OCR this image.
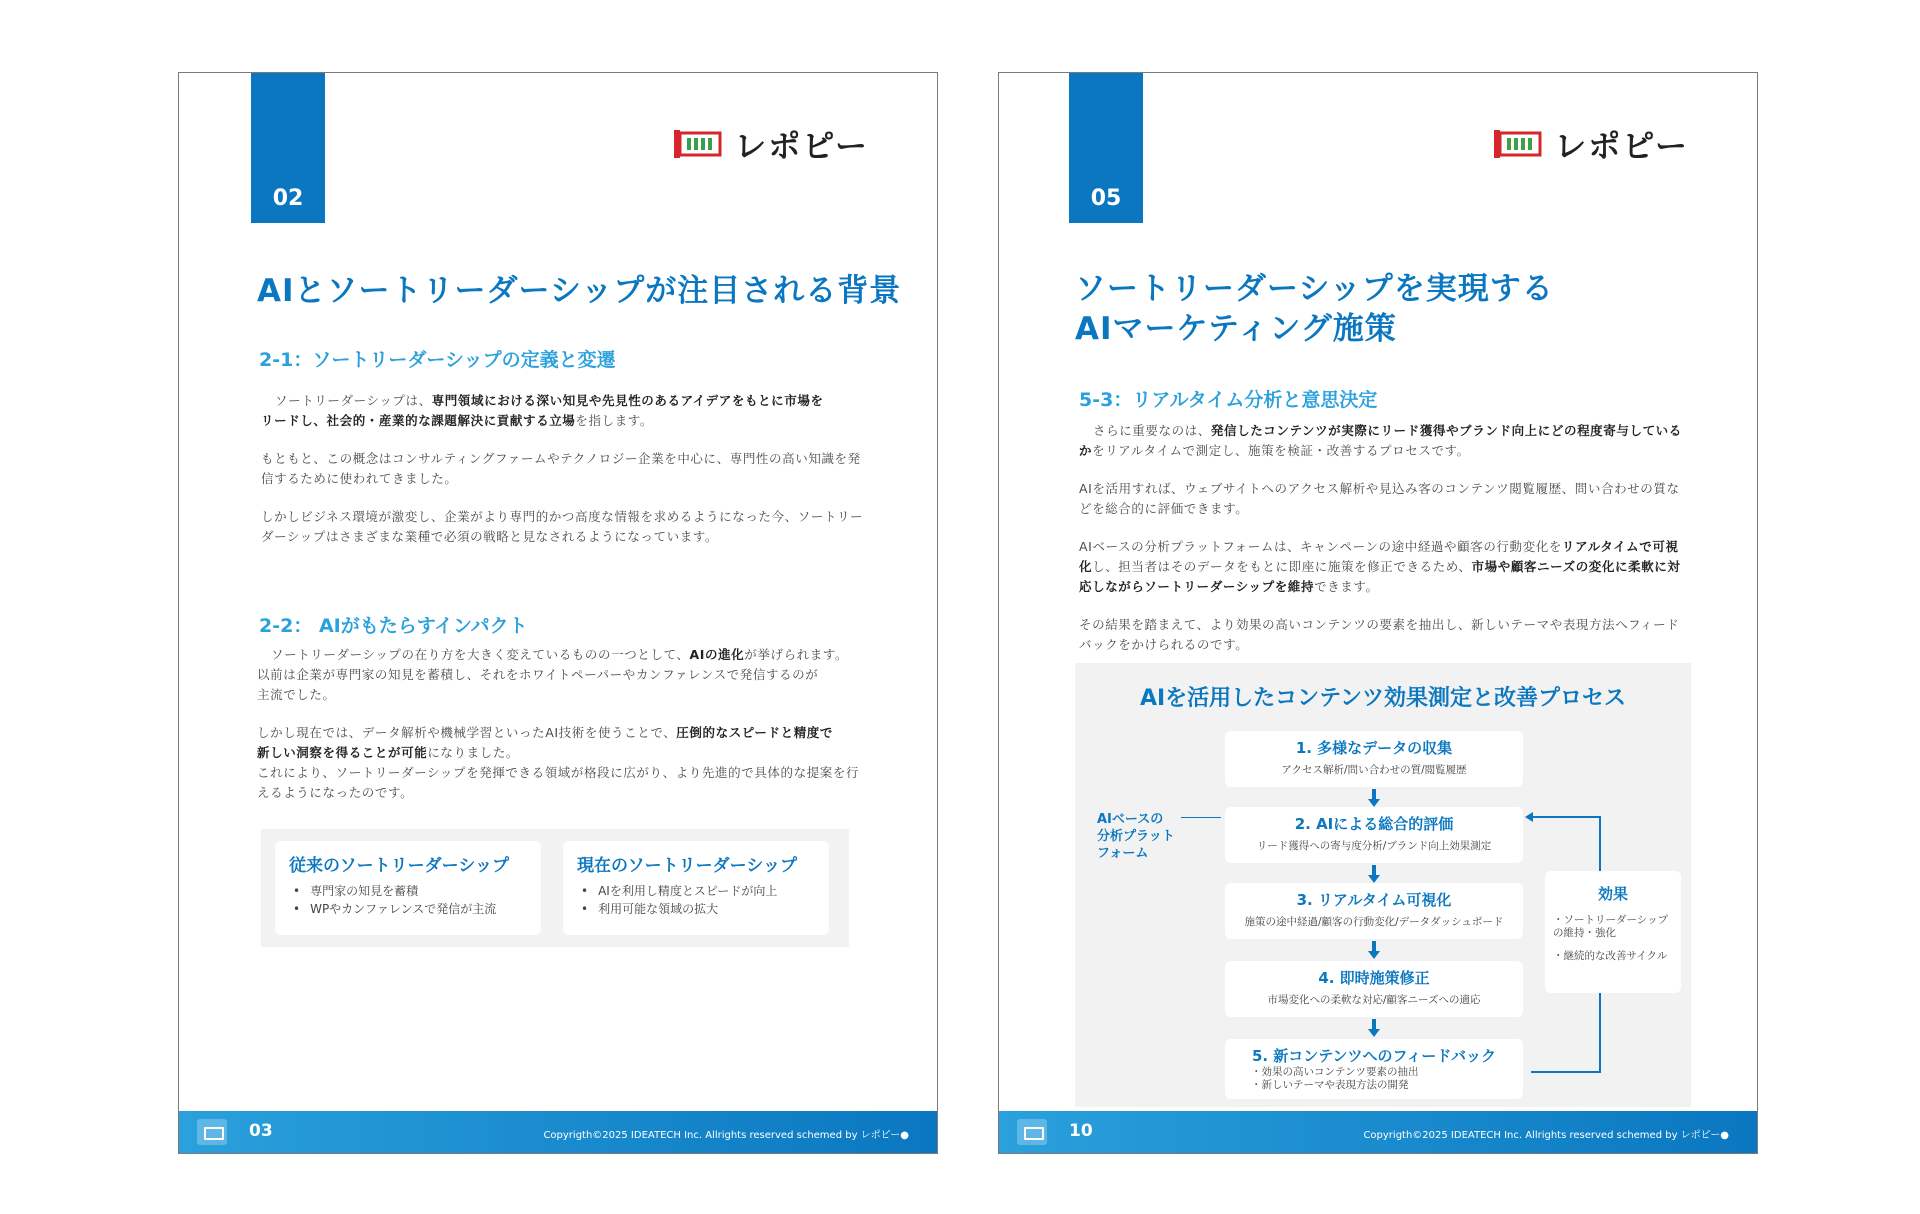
02
レポピー
AIとソートリーダーシップが注目される背景
2-1：ソートリーダーシップの定義と変遷
ソートリーダーシップは、専門領域における深い知見や先見性のあるアイデアをもとに市場を
リードし、社会的・産業的な課題解決に貢献する立場を指します。
もともと、この概念はコンサルティングファームやテクノロジー企業を中心に、専門性の高い知識を発
信するために使われてきました。
しかしビジネス環境が激変し、企業がより専門的かつ高度な情報を求めるようになった今、ソートリー
ダーシップはさまざまな業種で必須の戦略と見なされるようになっています。
2-2： AIがもたらすインパクト
ソートリーダーシップの在り方を大きく変えているものの一つとして、AIの進化が挙げられます。
以前は企業が専門家の知見を蓄積し、それをホワイトペーパーやカンファレンスで発信するのが
主流でした。
しかし現在では、データ解析や機械学習といったAI技術を使うことで、圧倒的なスピードと精度で
新しい洞察を得ることが可能になりました。
これにより、ソートリーダーシップを発揮できる領域が格段に広がり、より先進的で具体的な提案を行
えるようになったのです。
従来のソートリーダーシップ
• 専門家の知見を蓄積
• WPやカンファレンスで発信が主流
現在のソートリーダーシップ
• AIを利用し精度とスピードが向上
• 利用可能な領域の拡大
03	Copyrigth©2025 IDEATECH Inc. Allrights reserved schemed by レポピー●
05
レポピー
ソートリーダーシップを実現する
AIマーケティング施策
5-3：リアルタイム分析と意思決定
さらに重要なのは、発信したコンテンツが実際にリード獲得やブランド向上にどの程度寄与している
かをリアルタイムで測定し、施策を検証・改善するプロセスです。
AIを活用すれば、ウェブサイトへのアクセス解析や見込み客のコンテンツ閲覧履歴、問い合わせの質な
どを総合的に評価できます。
AIベースの分析プラットフォームは、キャンペーンの途中経過や顧客の行動変化をリアルタイムで可視
化し、担当者はそのデータをもとに即座に施策を修正できるため、市場や顧客ニーズの変化に柔軟に対
応しながらソートリーダーシップを維持できます。
その結果を踏まえて、より効果の高いコンテンツの要素を抽出し、新しいテーマや表現方法へフィード
バックをかけられるのです。
AIを活用したコンテンツ効果測定と改善プロセス
AIベースの
分析プラット
フォーム
1. 多様なデータの収集
アクセス解析/問い合わせの質/閲覧履歴
2. AIによる総合的評価
リード獲得への寄与度分析/ブランド向上効果測定
3. リアルタイム可視化
施策の途中経過/顧客の行動変化/データダッシュボード
4. 即時施策修正
市場変化への柔軟な対応/顧客ニーズへの適応
5. 新コンテンツへのフィードバック
・効果の高いコンテンツ要素の抽出
・新しいテーマや表現方法の開発
効果
・ソートリーダーシップ
の維持・強化
・継続的な改善サイクル
10	Copyrigth©2025 IDEATECH Inc. Allrights reserved schemed by レポピー●
